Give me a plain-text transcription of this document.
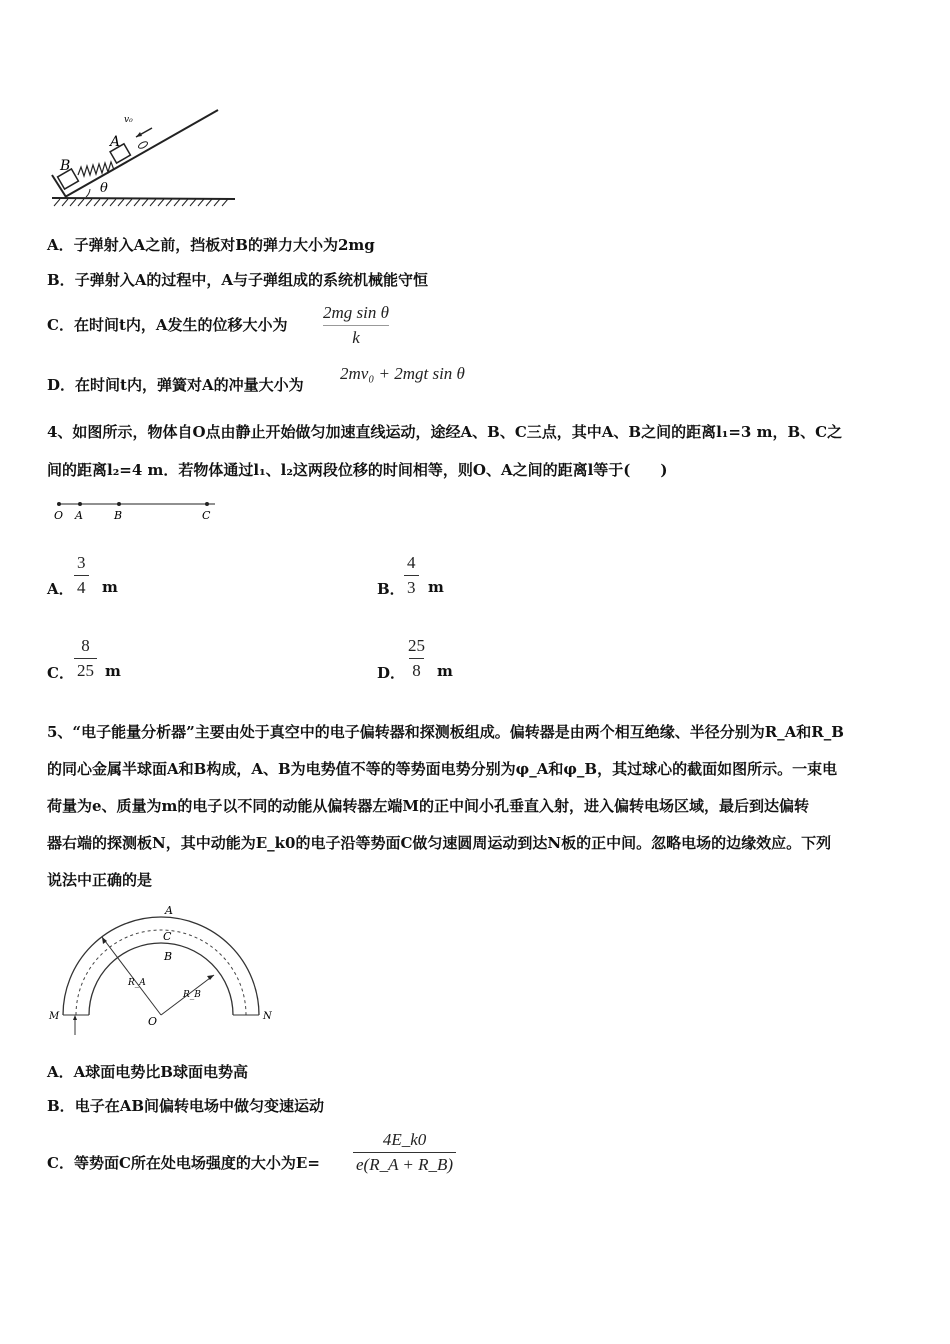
v₀
A
B
θ
A．子弹射入A之前，挡板对B的弹力大小为2mg
B．子弹射入A的过程中，A与子弹组成的系统机械能守恒
C．在时间t内，A发生的位移大小为 $\frac{\text{2mg sin θ}}{k}$
D．在时间t内，弹簧对A的冲量大小为
2mv₀ + 2mgt sin θ
4、如图所示，物体自O点由静止开始做匀加速直线运动，途经A、B、C三点，其中A、B之间的距离l₁=3 m，B、C之
间的距离l₂=4 m．若物体通过l₁、l₂这两段位移的时间相等，则O、A之间的距离l等于(　　)
O A	B	C
A． $\frac{3}{4}$ m	B． $\frac{4}{3}$ m
C． $\frac{8}{25}$ m	D． $\frac{25}{8}$ m
5、“电子能量分析器”主要由处于真空中的电子偏转器和探测板组成。偏转器是由两个相互绝缘、半径分别为R_A和R_B
的同心金属半球面A和B构成，A、B为电势值不等的等势面电势分别为φ_A和φ_B，其过球心的截面如图所示。一束电
荷量为e、质量为m的电子以不同的动能从偏转器左端M的正中间小孔垂直入射，进入偏转电场区域，最后到达偏转
器右端的探测板N，其中动能为E_k0的电子沿等势面C做匀速圆周运动到达N板的正中间。忽略电场的边缘效应。下列
说法中正确的是
A
C
B
R_A
R_B
O
M	N
A．A球面电势比B球面电势高
B．电子在AB间偏转电场中做匀变速运动
C．等势面C所在处电场强度的大小为$E= \frac{4E\_k0}{e(R\_A + R\_B)}$
